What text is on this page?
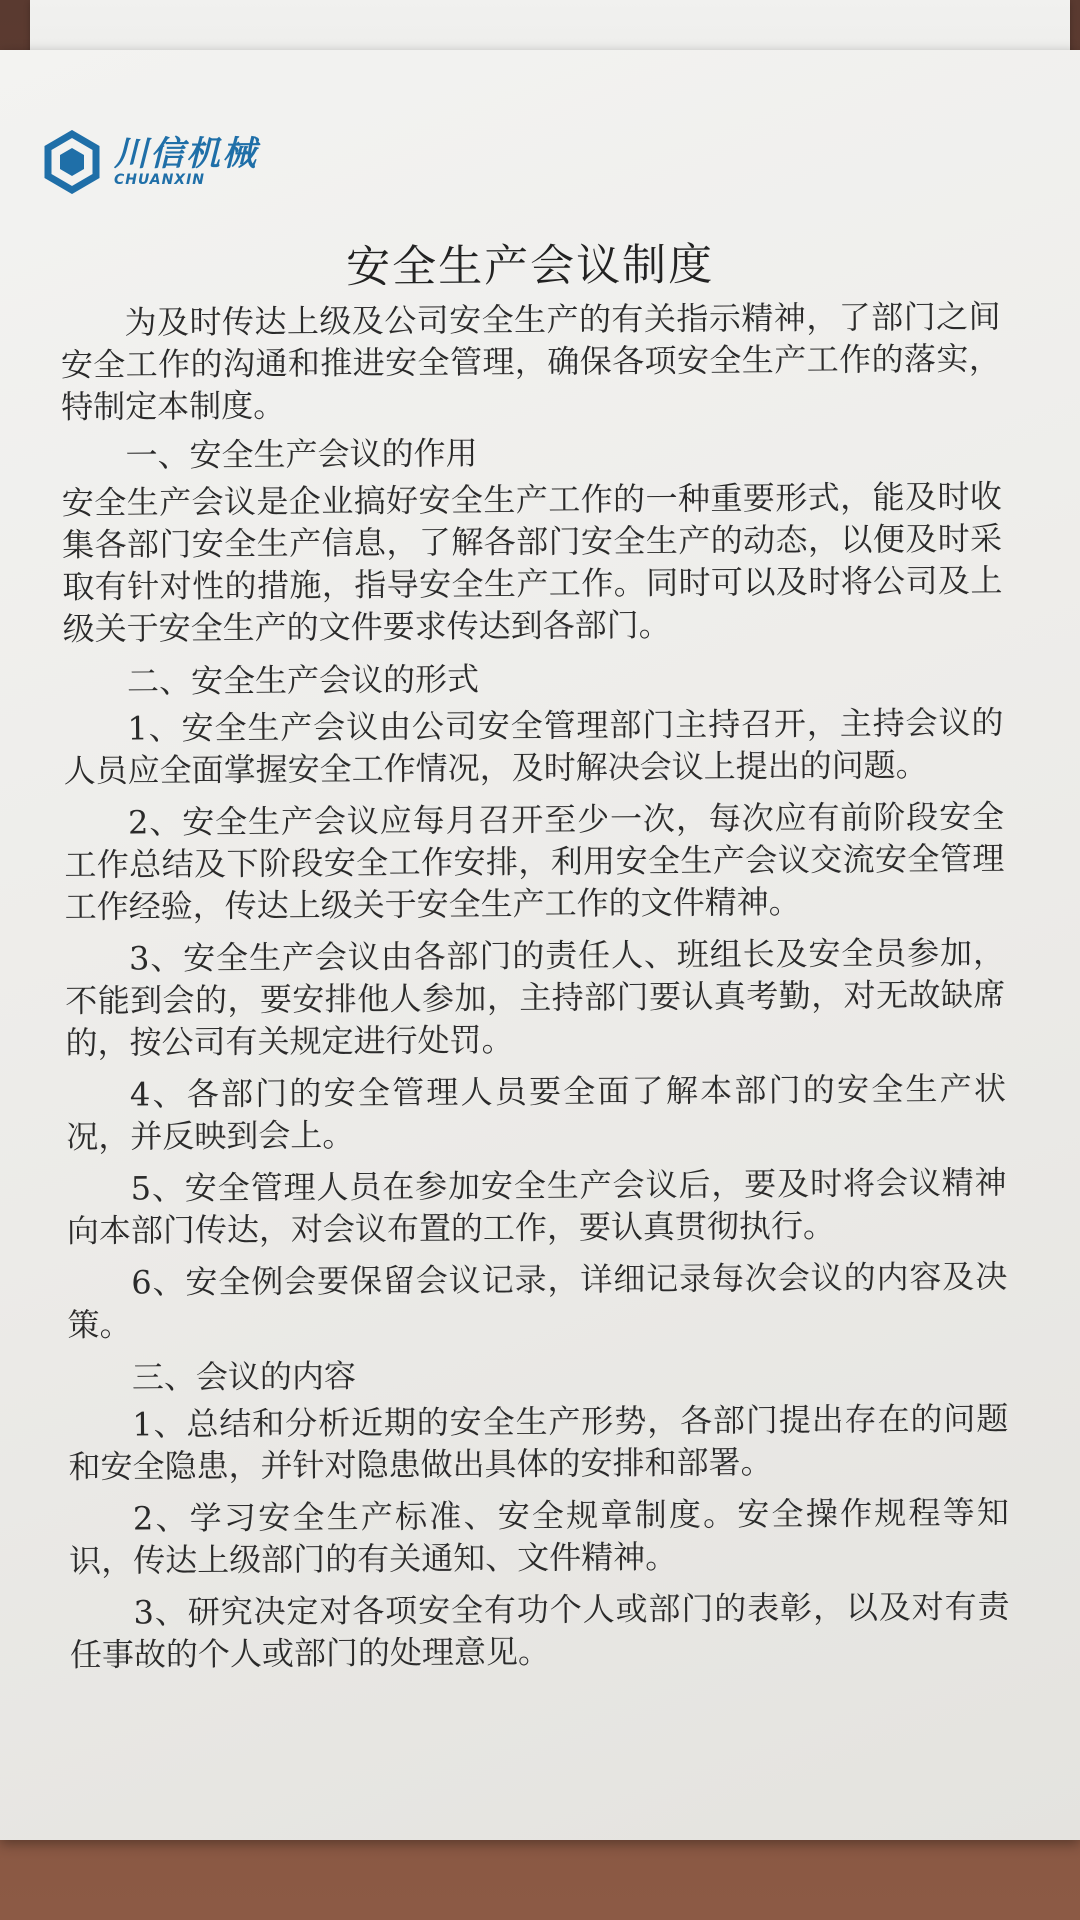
川信机械
CHUANXIN
安全生产会议制度
为及时传达上级及公司安全生产的有关指示精神，了部门之间安全工作的沟通和推进安全管理，确保各项安全生产工作的落实，特制定本制度。
一、安全生产会议的作用
安全生产会议是企业搞好安全生产工作的一种重要形式，能及时收集各部门安全生产信息，了解各部门安全生产的动态，以便及时采取有针对性的措施，指导安全生产工作。同时可以及时将公司及上级关于安全生产的文件要求传达到各部门。
二、安全生产会议的形式
1、安全生产会议由公司安全管理部门主持召开，主持会议的人员应全面掌握安全工作情况，及时解决会议上提出的问题。
2、安全生产会议应每月召开至少一次，每次应有前阶段安全工作总结及下阶段安全工作安排，利用安全生产会议交流安全管理工作经验，传达上级关于安全生产工作的文件精神。
3、安全生产会议由各部门的责任人、班组长及安全员参加，不能到会的，要安排他人参加，主持部门要认真考勤，对无故缺席的，按公司有关规定进行处罚。
4、各部门的安全管理人员要全面了解本部门的安全生产状况，并反映到会上。
5、安全管理人员在参加安全生产会议后，要及时将会议精神向本部门传达，对会议布置的工作，要认真贯彻执行。
6、安全例会要保留会议记录，详细记录每次会议的内容及决策。
三、会议的内容
1、总结和分析近期的安全生产形势，各部门提出存在的问题和安全隐患，并针对隐患做出具体的安排和部署。
2、学习安全生产标准、安全规章制度。安全操作规程等知识，传达上级部门的有关通知、文件精神。
3、研究决定对各项安全有功个人或部门的表彰，以及对有责任事故的个人或部门的处理意见。
